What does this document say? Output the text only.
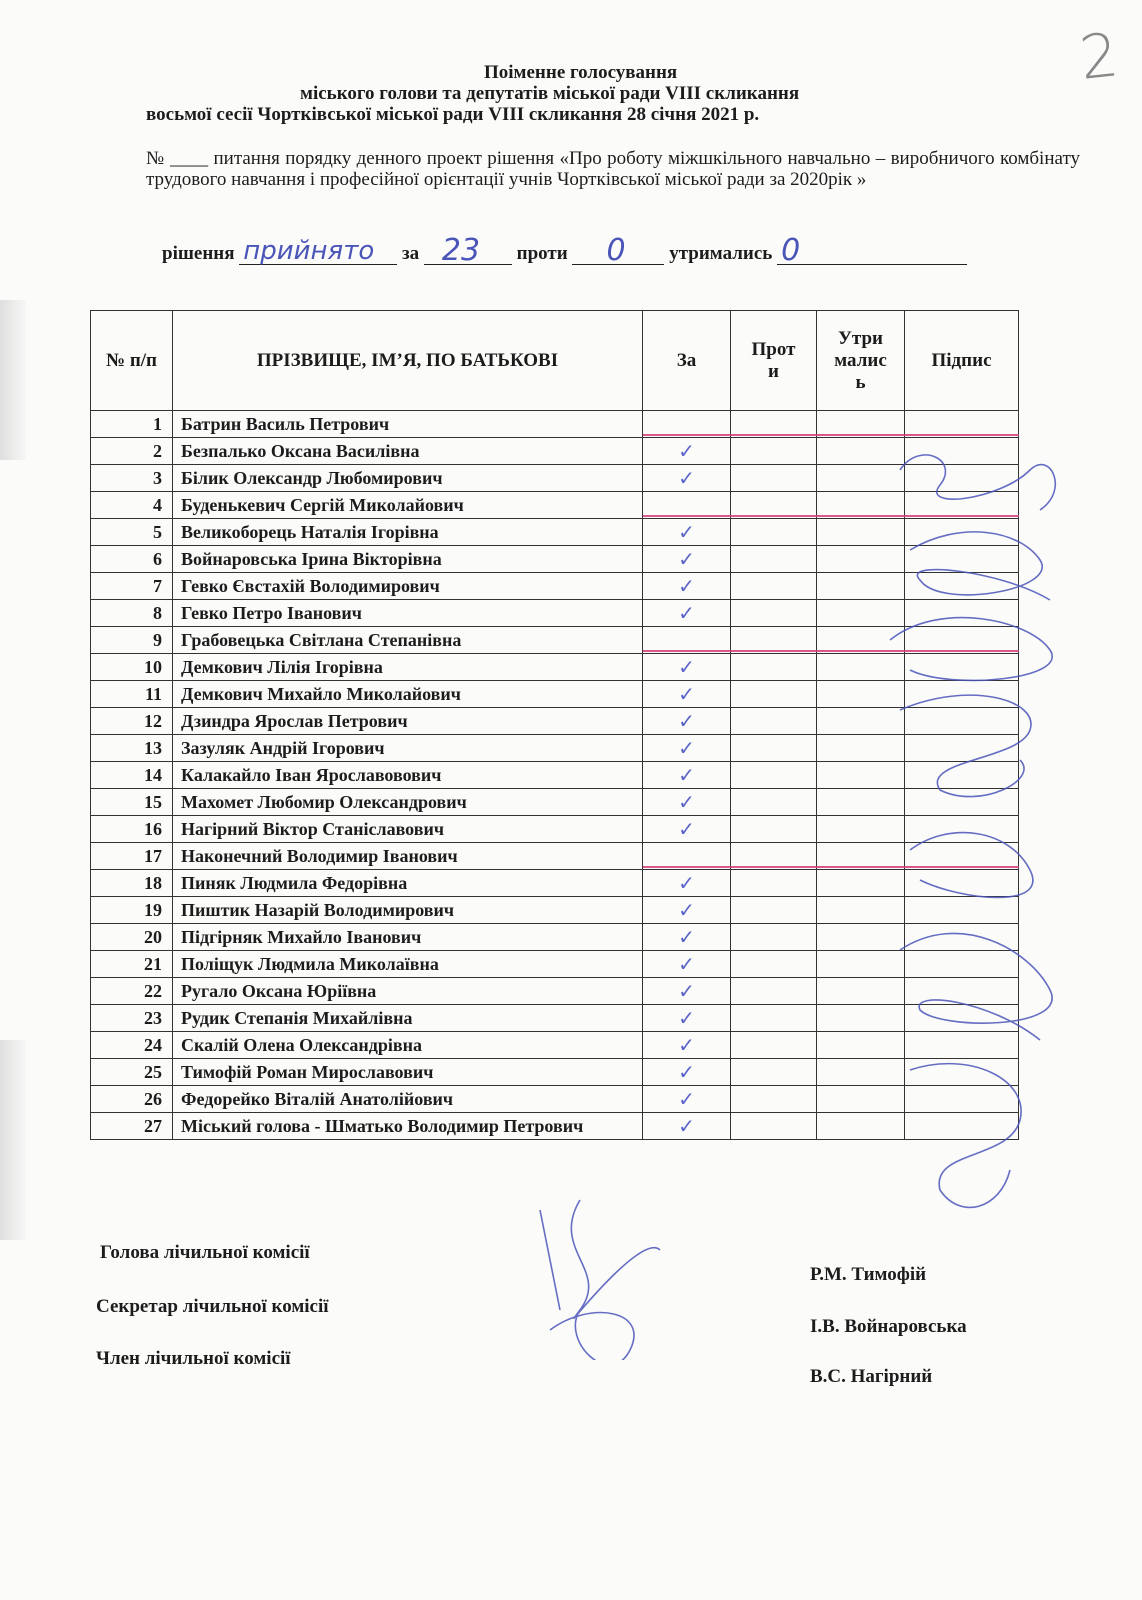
2
Поіменне голосування
міського голови та депутатів міської ради VIII скликання
восьмої сесії Чортківської міської ради VIII скликання 28 січня 2021 р.
№ ____ питання порядку денного проект рішення «Про роботу міжшкільного навчально – виробничого комбінату трудового навчання і професійної орієнтації учнів Чортківської міської ради за 2020рік »
рішення прийнято за 23 проти 0 утримались 0
№ п/п	ПРІЗВИЩЕ, ІМ’Я, ПО БАТЬКОВІ	За	Прот и	Утри малис ь	Підпис
1	Батрин Василь Петрович	

2	Безпалько Оксана Василівна	✓			

3	Білик Олександр Любомирович	✓			

4	Буденькевич Сергій Миколайович	

5	Великоборець Наталія Ігорівна	✓			

6	Войнаровська Ірина Вікторівна	✓			

7	Гевко Євстахій Володимирович	✓			

8	Гевко Петро Іванович	✓			

9	Грабовецька Світлана Степанівна	

10	Демкович Лілія Ігорівна	✓			

11	Демкович Михайло Миколайович	✓			

12	Дзиндра Ярослав Петрович	✓			

13	Зазуляк Андрій Ігорович	✓			

14	Калакайло Іван Ярославовович	✓			

15	Махомет Любомир Олександрович	✓			

16	Нагірний Віктор Станіславович	✓			

17	Наконечний Володимир Іванович	

18	Пиняк Людмила Федорівна	✓			

19	Пиштик Назарій Володимирович	✓			

20	Підгірняк Михайло Іванович	✓			

21	Поліщук Людмила Миколаївна	✓			

22	Ругало Оксана Юріївна	✓			

23	Рудик Степанія Михайлівна	✓			

24	Скалій Олена Олександрівна	✓			

25	Тимофій Роман Мирославович	✓			

26	Федорейко Віталій Анатолійович	✓			

27	Міський голова - Шматько Володимир Петрович	✓			

Голова лічильної комісії
Р.М. Тимофій
Секретар лічильної комісії
І.В. Войнаровська
Член лічильної комісії
В.С. Нагірний
